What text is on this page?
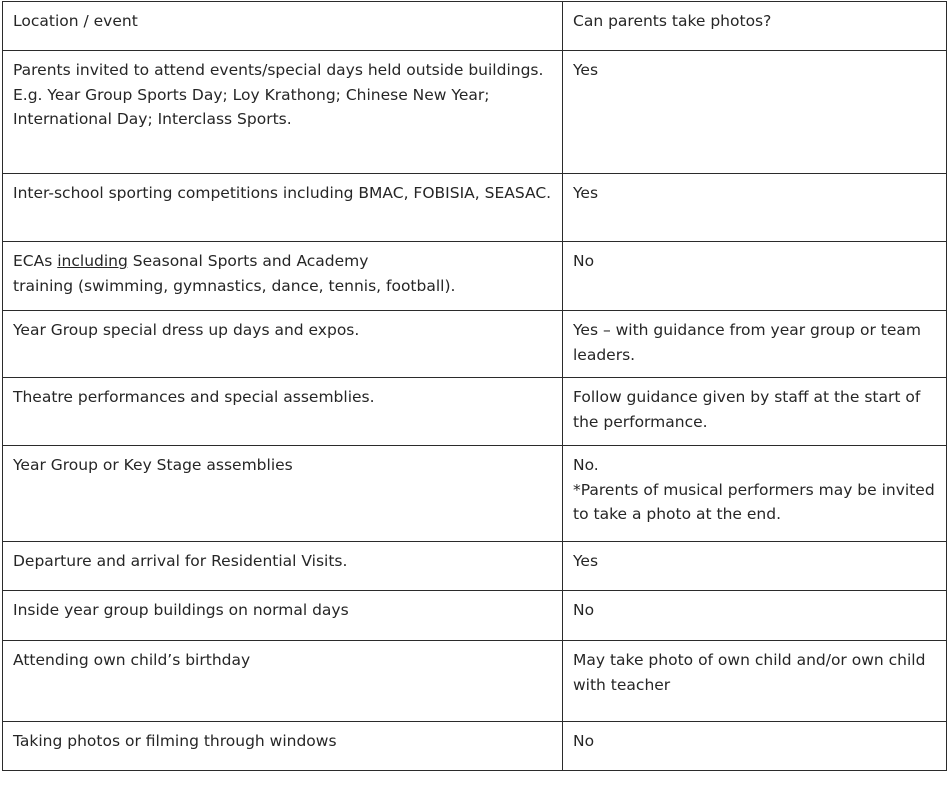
Location / event	Can parents take photos?
Parents invited to attend events/special days held outside buildings. E.g. Year Group Sports Day; Loy Krathong; Chinese New Year; International Day; Interclass Sports.	Yes
Inter-school sporting competitions including BMAC, FOBISIA, SEASAC.	Yes
ECAs including Seasonal Sports and Academy
training (swimming, gymnastics, dance, tennis, football).	No
Year Group special dress up days and expos.	Yes – with guidance from year group or team leaders.
Theatre performances and special assemblies.	Follow guidance given by staff at the start of the performance.
Year Group or Key Stage assemblies	No.
*Parents of musical performers may be invited to take a photo at the end.
Departure and arrival for Residential Visits.	Yes
Inside year group buildings on normal days	No
Attending own child’s birthday	May take photo of own child and/or own child with teacher
Taking photos or filming through windows	No
